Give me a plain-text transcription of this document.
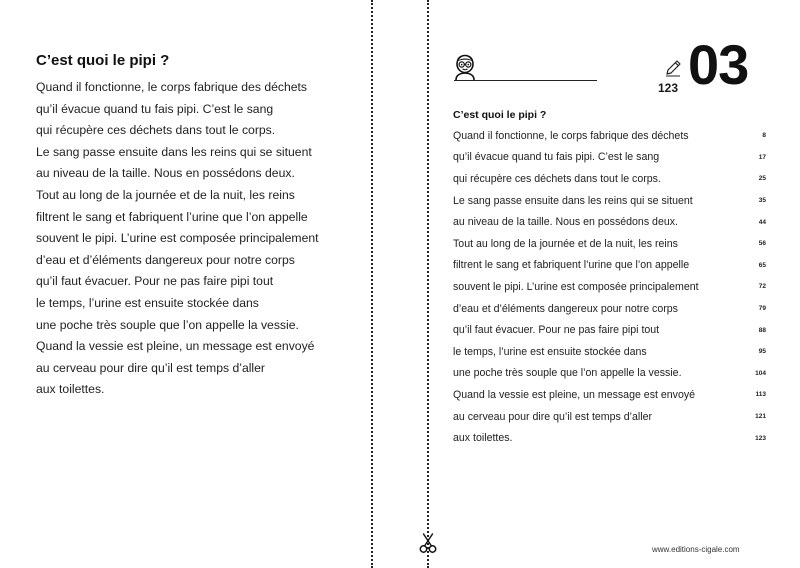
C’est quoi le pipi ?
Quand il fonctionne, le corps fabrique des déchets
qu’il évacue quand tu fais pipi. C’est le sang
qui récupère ces déchets dans tout le corps.
Le sang passe ensuite dans les reins qui se situent
au niveau de la taille. Nous en possédons deux.
Tout au long de la journée et de la nuit, les reins
filtrent le sang et fabriquent l’urine que l’on appelle
souvent le pipi. L’urine est composée principalement
d’eau et d’éléments dangereux pour notre corps
qu’il faut évacuer. Pour ne pas faire pipi tout
le temps, l’urine est ensuite stockée dans
une poche très souple que l’on appelle la vessie.
Quand la vessie est pleine, un message est envoyé
au cerveau pour dire qu’il est temps d’aller
aux toilettes.
123 03
C’est quoi le pipi ?
Quand il fonctionne, le corps fabrique des déchets	8
qu’il évacue quand tu fais pipi. C’est le sang	17
qui récupère ces déchets dans tout le corps.	25
Le sang passe ensuite dans les reins qui se situent	35
au niveau de la taille. Nous en possédons deux.	44
Tout au long de la journée et de la nuit, les reins	56
filtrent le sang et fabriquent l’urine que l’on appelle	65
souvent le pipi. L’urine est composée principalement	72
d’eau et d’éléments dangereux pour notre corps	79
qu’il faut évacuer. Pour ne pas faire pipi tout	88
le temps, l’urine est ensuite stockée dans	95
une poche très souple que l’on appelle la vessie.	104
Quand la vessie est pleine, un message est envoyé	113
au cerveau pour dire qu’il est temps d’aller	121
aux toilettes.	123
www.editions-cigale.com
